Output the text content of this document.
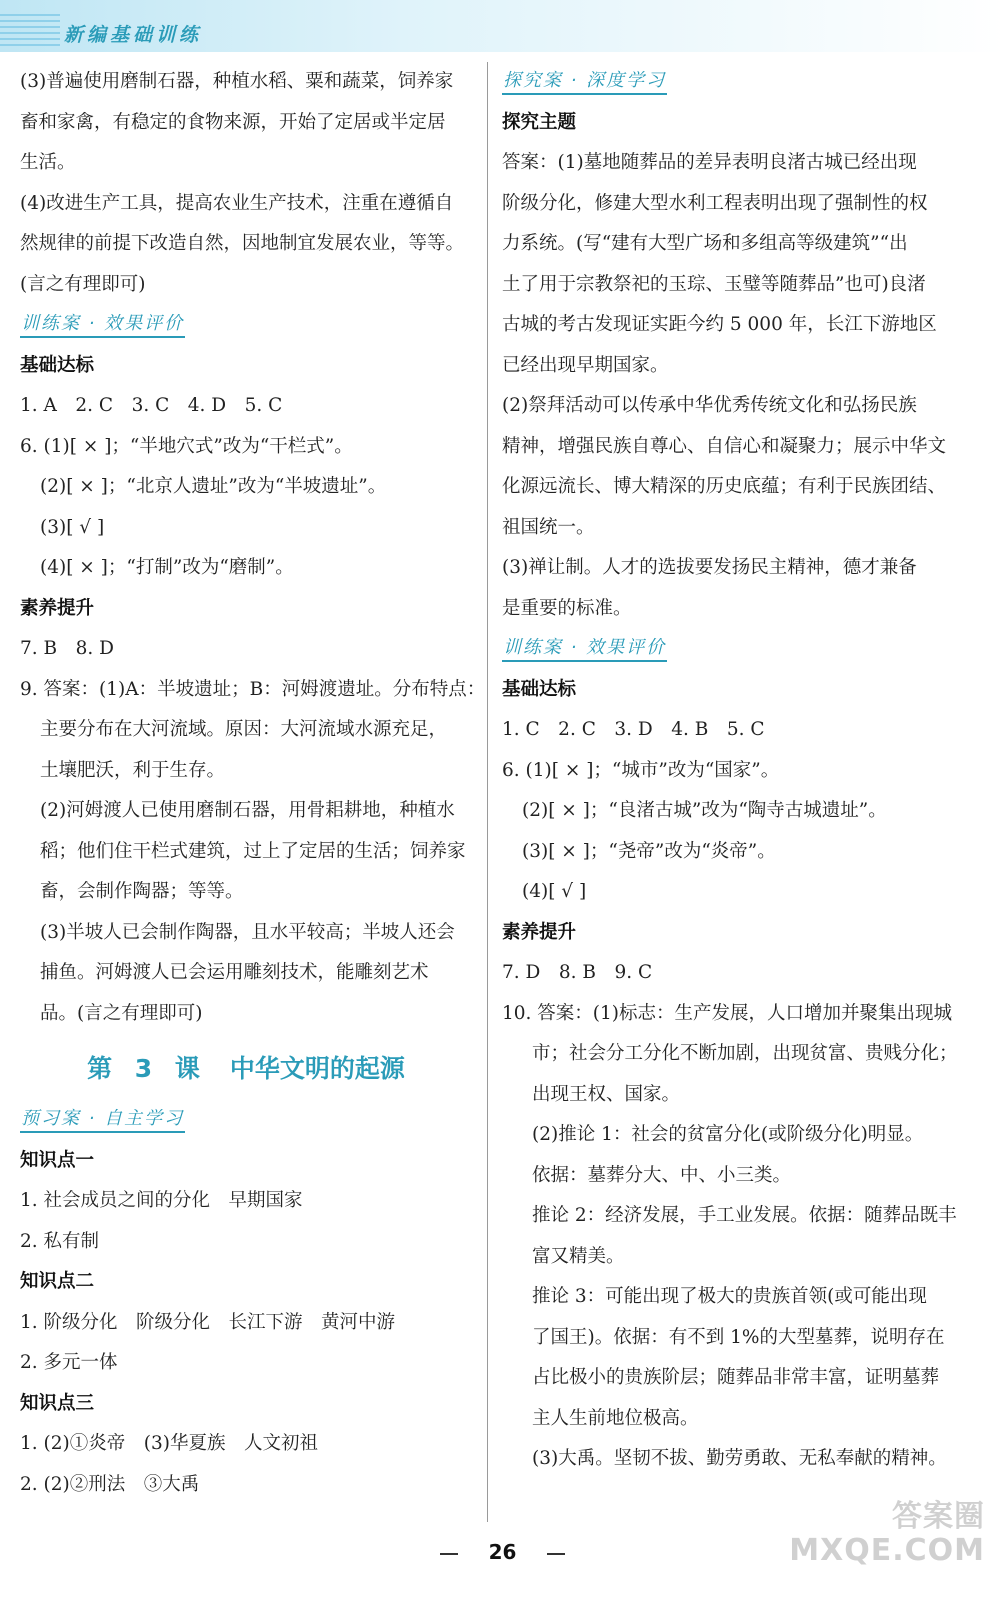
新编基础训练
(3)普遍使用磨制石器，种植水稻、粟和蔬菜，饲养家
畜和家禽，有稳定的食物来源，开始了定居或半定居
生活。
(4)改进生产工具，提高农业生产技术，注重在遵循自
然规律的前提下改造自然，因地制宜发展农业，等等。
(言之有理即可)
训练案 · 效果评价
基础达标
1. A　2. C　3. C　4. D　5. C
6. (1)[ × ]；“半地穴式”改为“干栏式”。
(2)[ × ]；“北京人遗址”改为“半坡遗址”。
(3)[ √ ]
(4)[ × ]；“打制”改为“磨制”。
素养提升
7. B　8. D
9. 答案：(1)A：半坡遗址；B：河姆渡遗址。分布特点：
主要分布在大河流域。原因：大河流域水源充足，
土壤肥沃，利于生存。
(2)河姆渡人已使用磨制石器，用骨耜耕地，种植水
稻；他们住干栏式建筑，过上了定居的生活；饲养家
畜，会制作陶器；等等。
(3)半坡人已会制作陶器，且水平较高；半坡人还会
捕鱼。河姆渡人已会运用雕刻技术，能雕刻艺术
品。(言之有理即可)
第 3 课 中华文明的起源
预习案 · 自主学习
知识点一
1. 社会成员之间的分化　早期国家
2. 私有制
知识点二
1. 阶级分化　阶级分化　长江下游　黄河中游
2. 多元一体
知识点三
1. (2)①炎帝　(3)华夏族　人文初祖
2. (2)②刑法　③大禹
探究案 · 深度学习
探究主题
答案：(1)墓地随葬品的差异表明良渚古城已经出现
阶级分化，修建大型水利工程表明出现了强制性的权
力系统。(写“建有大型广场和多组高等级建筑”“出
土了用于宗教祭祀的玉琮、玉璧等随葬品”也可)良渚
古城的考古发现证实距今约 5 000 年，长江下游地区
已经出现早期国家。
(2)祭拜活动可以传承中华优秀传统文化和弘扬民族
精神，增强民族自尊心、自信心和凝聚力；展示中华文
化源远流长、博大精深的历史底蕴；有利于民族团结、
祖国统一。
(3)禅让制。人才的选拔要发扬民主精神，德才兼备
是重要的标准。
训练案 · 效果评价
基础达标
1. C　2. C　3. D　4. B　5. C
6. (1)[ × ]；“城市”改为“国家”。
(2)[ × ]；“良渚古城”改为“陶寺古城遗址”。
(3)[ × ]；“尧帝”改为“炎帝”。
(4)[ √ ]
素养提升
7. D　8. B　9. C
10. 答案：(1)标志：生产发展，人口增加并聚集出现城
市；社会分工分化不断加剧，出现贫富、贵贱分化；
出现王权、国家。
(2)推论 1：社会的贫富分化(或阶级分化)明显。
依据：墓葬分大、中、小三类。
推论 2：经济发展，手工业发展。依据：随葬品既丰
富又精美。
推论 3：可能出现了极大的贵族首领(或可能出现
了国王)。依据：有不到 1%的大型墓葬，说明存在
占比极小的贵族阶层；随葬品非常丰富，证明墓葬
主人生前地位极高。
(3)大禹。坚韧不拔、勤劳勇敢、无私奉献的精神。
答案圈
MXQE.COM
26
